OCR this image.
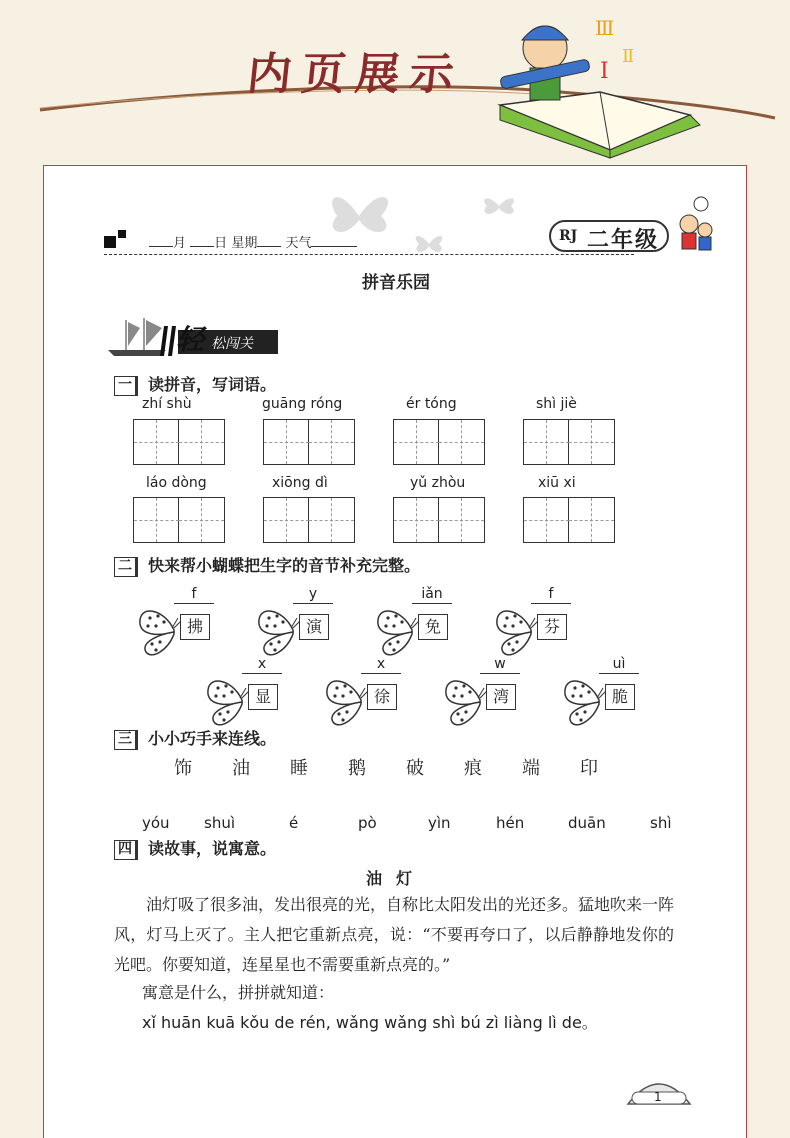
Ⅲ
Ⅰ
Ⅱ
内页展示
月 日 星期 天气	RJ 二年级
拼音乐园
轻 松闯关
一 读拼音，写词语。
zhí shù	guāng róng	ér tóng	shì jiè
láo dòng	xiōng dì	yǔ zhòu	xiū xi
二 快来帮小蝴蝶把生字的音节补充完整。
f
拂
y
演
iǎn
免
f
芬
x
显
x
徐
w
湾
uì
脆
三 小小巧手来连线。
饰 油 睡 鹅 破 痕 端 印
yóu shuì	é	pò	yìn	hén	duān	shì
四 读故事，说寓意。
油灯

油灯吸了很多油，发出很亮的光，自称比太阳发出的光还多。猛地吹来一阵风，灯马上灭了。主人把它重新点亮，说：“不要再夸口了，以后静静地发你的光吧。你要知道，连星星也不需要重新点亮的。”

寓意是什么，拼拼就知道：
xǐ huān kuā kǒu de rén, wǎng wǎng shì bú zì liàng lì de。
1
